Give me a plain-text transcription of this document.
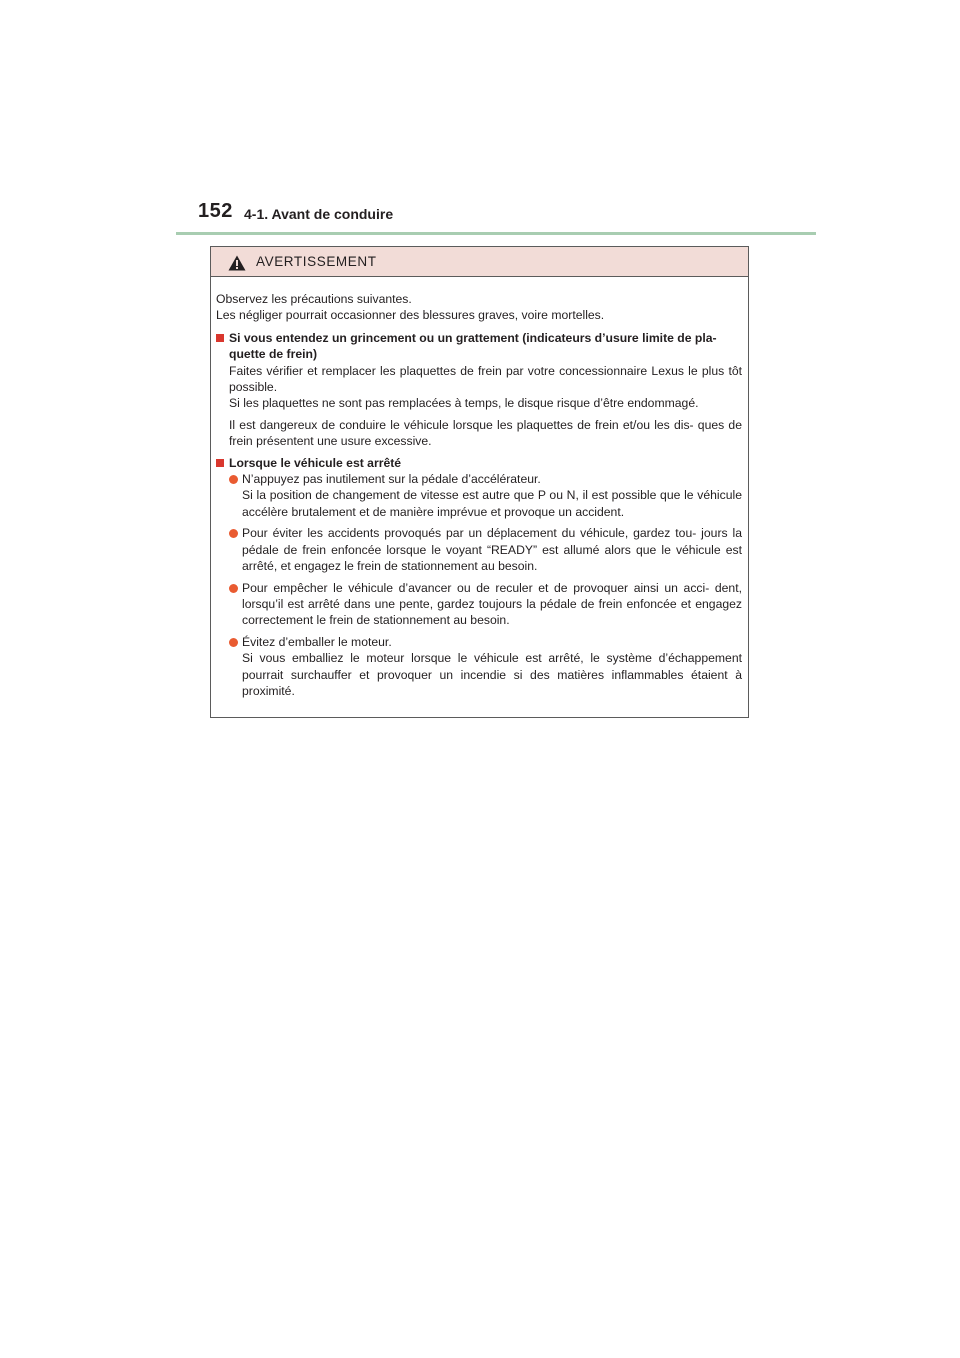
152 4-1. Avant de conduire
AVERTISSEMENT

Observez les précautions suivantes.

Les négliger pourrait occasionner des blessures graves, voire mortelles.

Si vous entendez un grincement ou un grattement (indicateurs d’usure limite de pla- quette de frein)

Faites vérifier et remplacer les plaquettes de frein par votre concessionnaire Lexus le plus tôt possible.
Si les plaquettes ne sont pas remplacées à temps, le disque risque d’être endommagé.

Il est dangereux de conduire le véhicule lorsque les plaquettes de frein et/ou les dis- ques de frein présentent une usure excessive.

Lorsque le véhicule est arrêté

N’appuyez pas inutilement sur la pédale d’accélérateur.
Si la position de changement de vitesse est autre que P ou N, il est possible que le véhicule accélère brutalement et de manière imprévue et provoque un accident.

Pour éviter les accidents provoqués par un déplacement du véhicule, gardez tou- jours la pédale de frein enfoncée lorsque le voyant “READY” est allumé alors que le véhicule est arrêté, et engagez le frein de stationnement au besoin.

Pour empêcher le véhicule d’avancer ou de reculer et de provoquer ainsi un acci- dent, lorsqu’il est arrêté dans une pente, gardez toujours la pédale de frein enfoncée et engagez correctement le frein de stationnement au besoin.

Évitez d’emballer le moteur.
Si vous emballiez le moteur lorsque le véhicule est arrêté, le système d’échappement pourrait surchauffer et provoquer un incendie si des matières inflammables étaient à proximité.
